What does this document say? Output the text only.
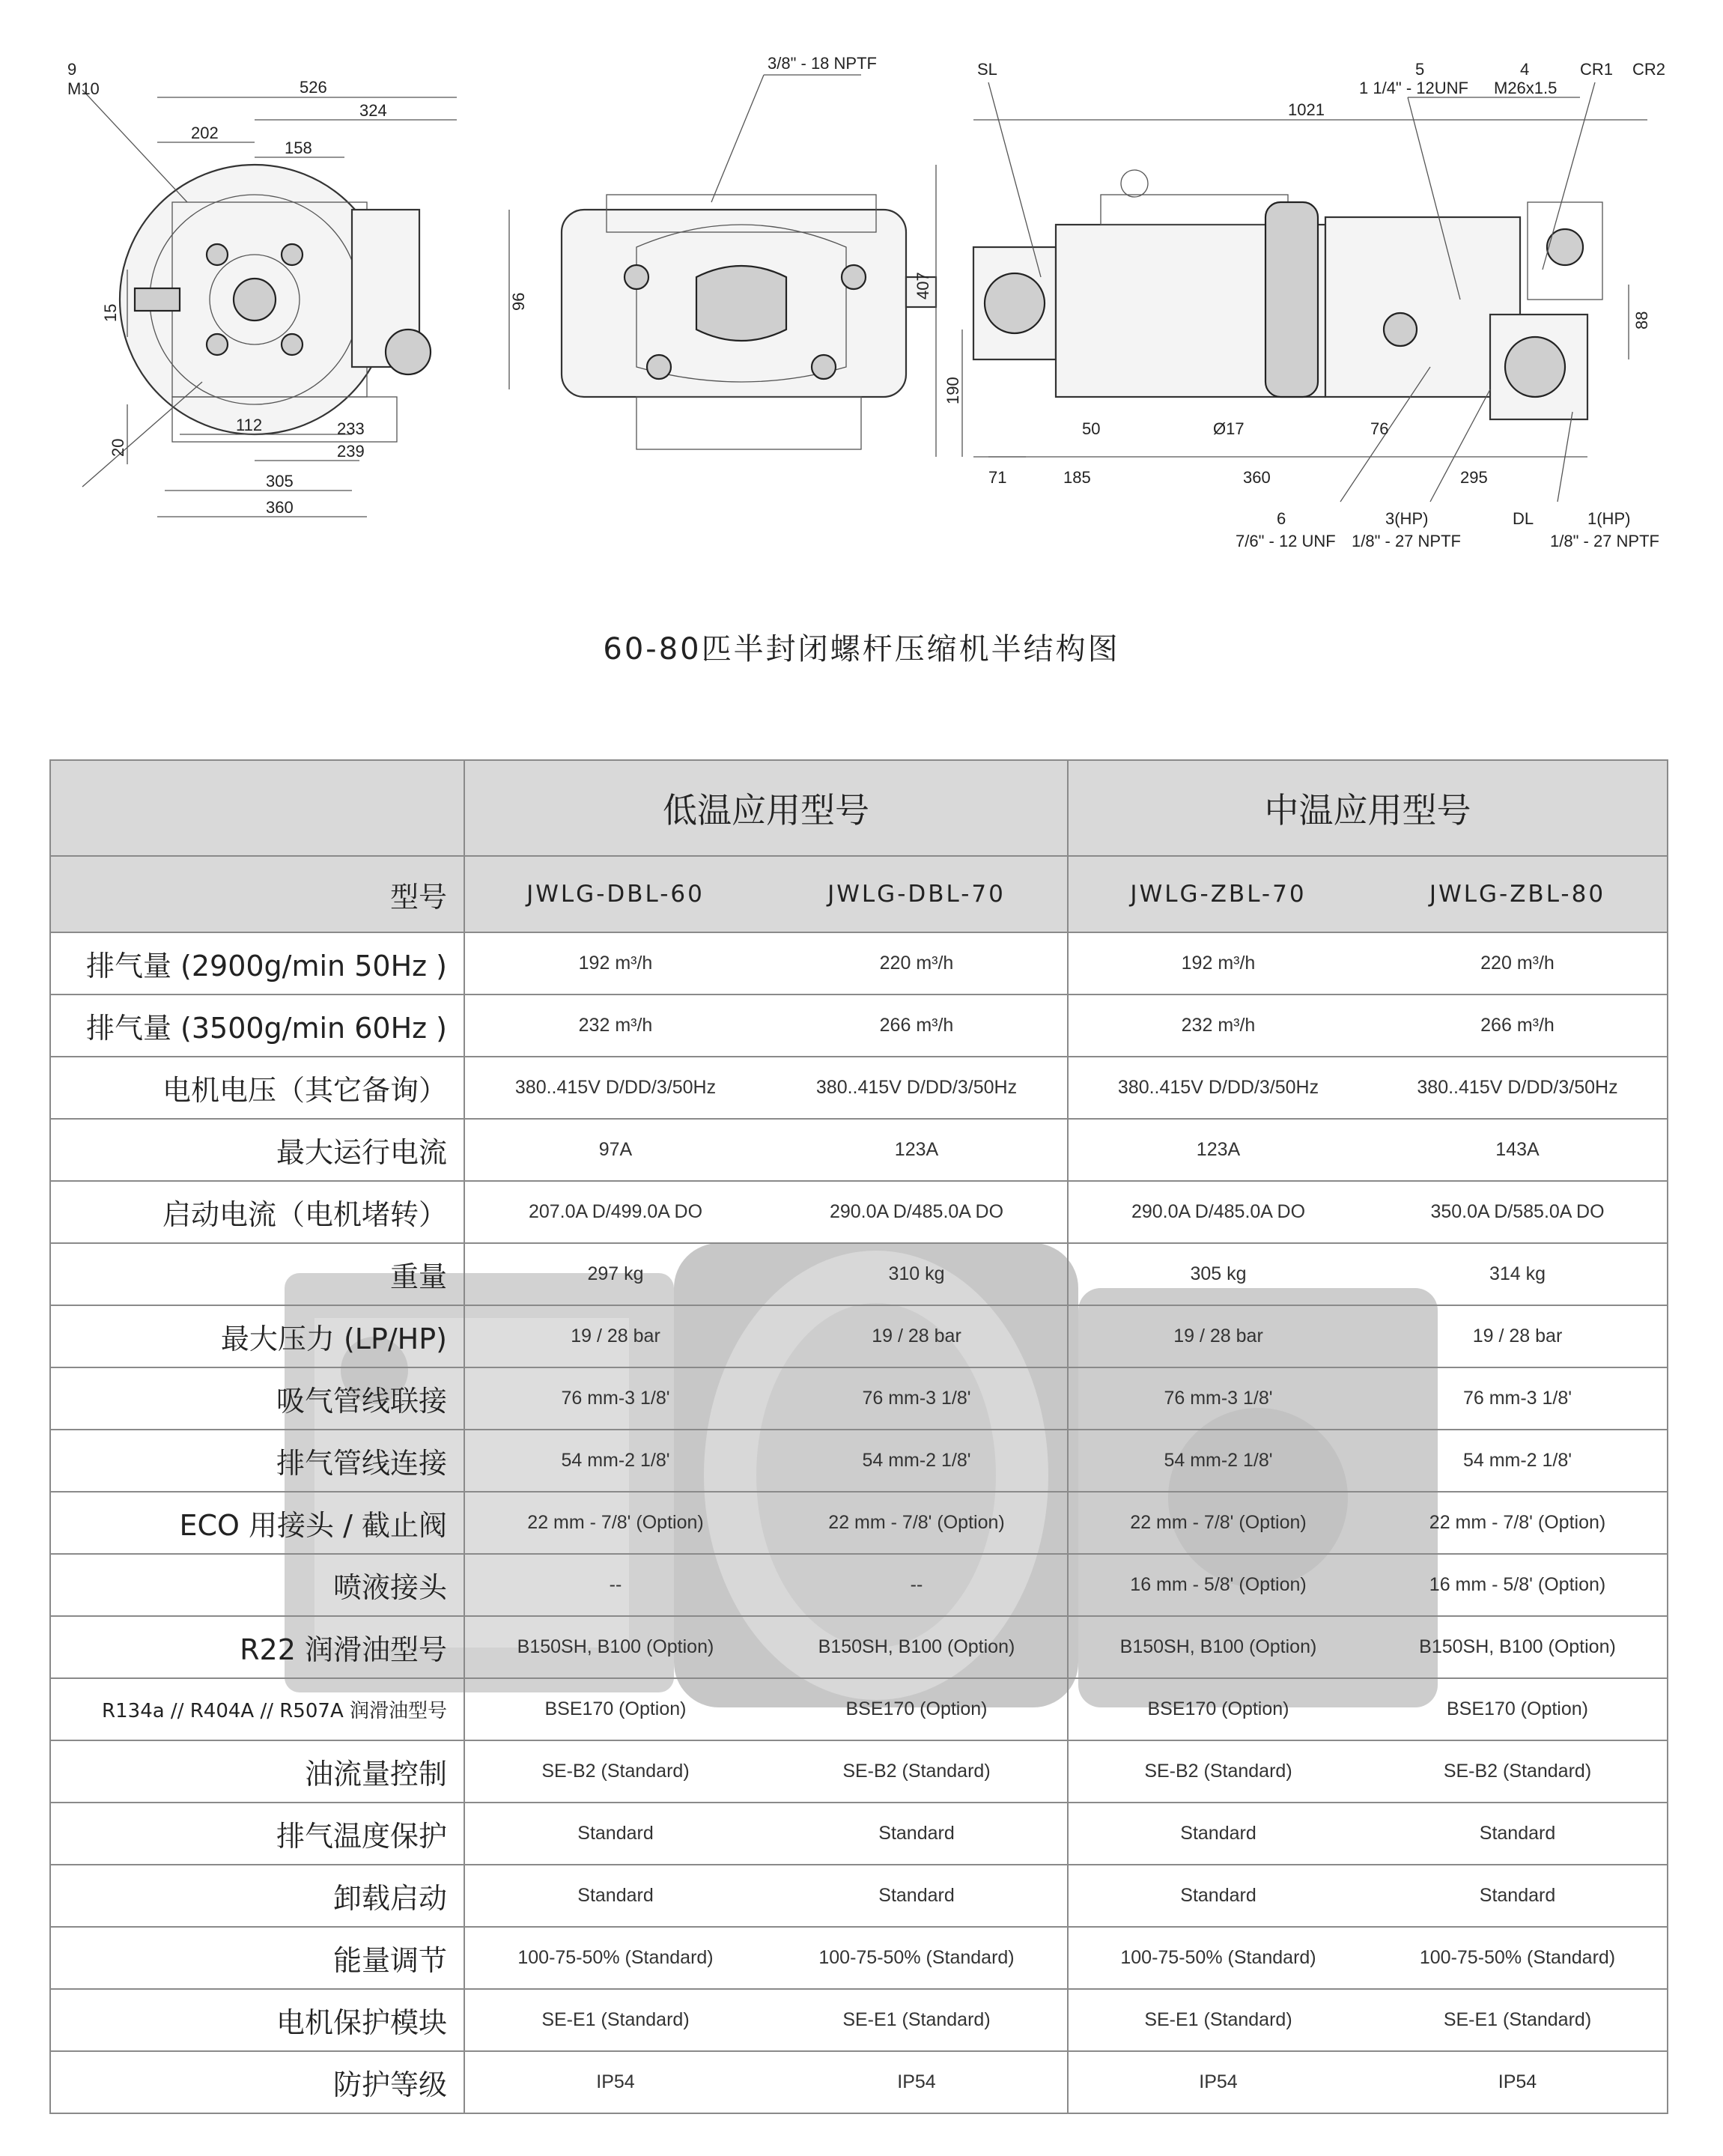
9
M10	526
324
202
158
15
96
20
112	233
239
305
360
3/8" - 18 NPTF	SL	5
1 1/4" - 12UNF
4
M26x1.5
CR1 CR2
1021
407
190
88
50	Ø17	76
71	185	360	295
6
7/6" - 12 UNF
3(HP)
1/8" - 27 NPTF
DL	1(HP)
1/8" - 27 NPTF
60-80匹半封闭螺杆压缩机半结构图
	低温应用型号		中温应用型号	
型号	JWLG-DBL-60	JWLG-DBL-70	JWLG-ZBL-70	JWLG-ZBL-80
排气量 (2900g/min 50Hz )	192 m³/h	220 m³/h	192 m³/h	220 m³/h
排气量 (3500g/min 60Hz )	232 m³/h	266 m³/h	232 m³/h	266 m³/h
电机电压（其它备询）	380..415V D/DD/3/50Hz	380..415V D/DD/3/50Hz	380..415V D/DD/3/50Hz	380..415V D/DD/3/50Hz
最大运行电流	97A	123A	123A	143A
启动电流（电机堵转）	207.0A D/499.0A DO	290.0A D/485.0A DO	290.0A D/485.0A DO	350.0A D/585.0A DO
重量	297 kg	310 kg	305 kg	314 kg
最大压力 (LP/HP)	19 / 28 bar	19 / 28 bar	19 / 28 bar	19 / 28 bar
吸气管线联接	76 mm-3 1/8'	76 mm-3 1/8'	76 mm-3 1/8'	76 mm-3 1/8'
排气管线连接	54 mm-2 1/8'	54 mm-2 1/8'	54 mm-2 1/8'	54 mm-2 1/8'
ECO 用接头 / 截止阀	22 mm - 7/8' (Option)	22 mm - 7/8' (Option)	22 mm - 7/8' (Option)	22 mm - 7/8' (Option)
喷液接头	--	--	16 mm - 5/8' (Option)	16 mm - 5/8' (Option)
R22 润滑油型号	B150SH, B100 (Option)	B150SH, B100 (Option)	B150SH, B100 (Option)	B150SH, B100 (Option)
R134a // R404A // R507A 润滑油型号	BSE170 (Option)	BSE170 (Option)	BSE170 (Option)	BSE170 (Option)
油流量控制	SE-B2 (Standard)	SE-B2 (Standard)	SE-B2 (Standard)	SE-B2 (Standard)
排气温度保护	Standard	Standard	Standard	Standard
卸载启动	Standard	Standard	Standard	Standard
能量调节	100-75-50% (Standard)	100-75-50% (Standard)	100-75-50% (Standard)	100-75-50% (Standard)
电机保护模块	SE-E1 (Standard)	SE-E1 (Standard)	SE-E1 (Standard)	SE-E1 (Standard)
防护等级	IP54	IP54	IP54	IP54
